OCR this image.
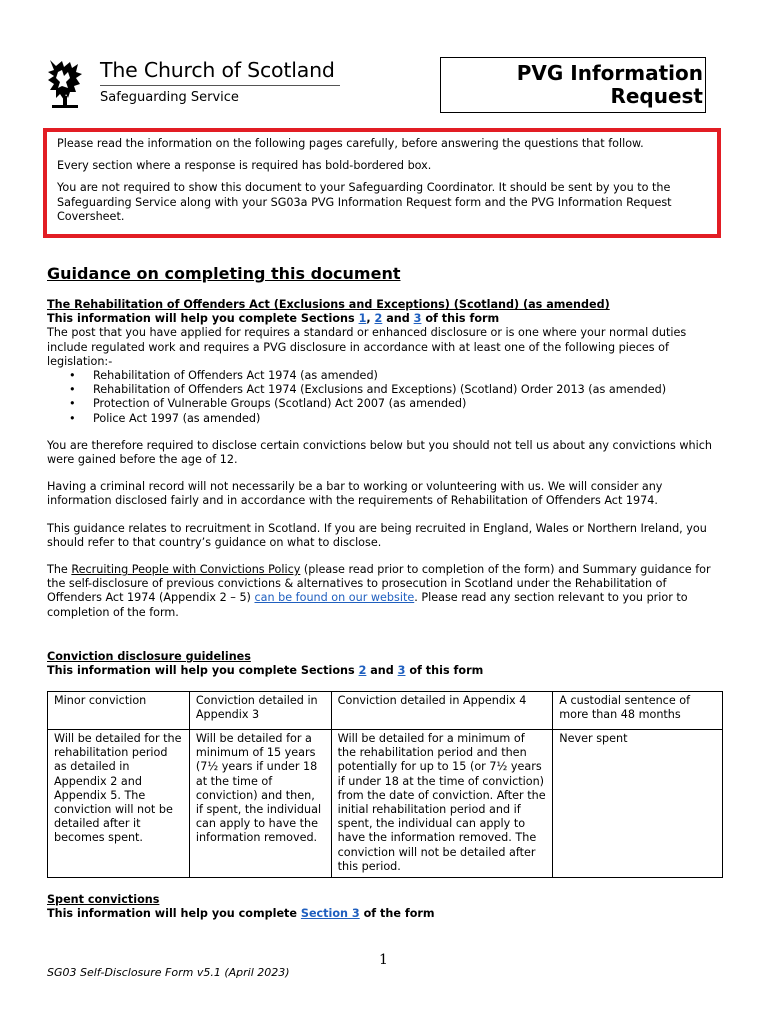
The Church of Scotland
Safeguarding Service
PVG Information
Request

Please read the information on the following pages carefully, before answering the questions that follow.

Every section where a response is required has bold-bordered box.

You are not required to show this document to your Safeguarding Coordinator. It should be sent by you to the Safeguarding Service along with your SG03a PVG Information Request form and the PVG Information Request Coversheet.

Guidance on completing this document

The Rehabilitation of Offenders Act (Exclusions and Exceptions) (Scotland) (as amended)

This information will help you complete Sections 1, 2 and 3 of this form

The post that you have applied for requires a standard or enhanced disclosure or is one where your normal duties include regulated work and requires a PVG disclosure in accordance with at least one of the following pieces of legislation:-

• Rehabilitation of Offenders Act 1974 (as amended)
• Rehabilitation of Offenders Act 1974 (Exclusions and Exceptions) (Scotland) Order 2013 (as amended)
• Protection of Vulnerable Groups (Scotland) Act 2007 (as amended)
• Police Act 1997 (as amended)

You are therefore required to disclose certain convictions below but you should not tell us about any convictions which were gained before the age of 12.

Having a criminal record will not necessarily be a bar to working or volunteering with us. We will consider any information disclosed fairly and in accordance with the requirements of Rehabilitation of Offenders Act 1974.

This guidance relates to recruitment in Scotland. If you are being recruited in England, Wales or Northern Ireland, you should refer to that country’s guidance on what to disclose.

The Recruiting People with Convictions Policy (please read prior to completion of the form) and Summary guidance for the self-disclosure of previous convictions & alternatives to prosecution in Scotland under the Rehabilitation of Offenders Act 1974 (Appendix 2 – 5) can be found on our website. Please read any section relevant to you prior to completion of the form.

Conviction disclosure guidelines

This information will help you complete Sections 2 and 3 of this form

Minor conviction	Conviction detailed in Appendix 3	Conviction detailed in Appendix 4	A custodial sentence of more than 48 months
Will be detailed for the rehabilitation period as detailed in Appendix 2 and Appendix 5. The conviction will not be detailed after it becomes spent.	Will be detailed for a minimum of 15 years (7½ years if under 18 at the time of conviction) and then, if spent, the individual can apply to have the information removed.	Will be detailed for a minimum of the rehabilitation period and then potentially for up to 15 (or 7½ years if under 18 at the time of conviction) from the date of conviction. After the initial rehabilitation period and if spent, the individual can apply to have the information removed. The conviction will not be detailed after this period.	Never spent

Spent convictions

This information will help you complete Section 3 of the form

1
SG03 Self-Disclosure Form v5.1 (April 2023)
